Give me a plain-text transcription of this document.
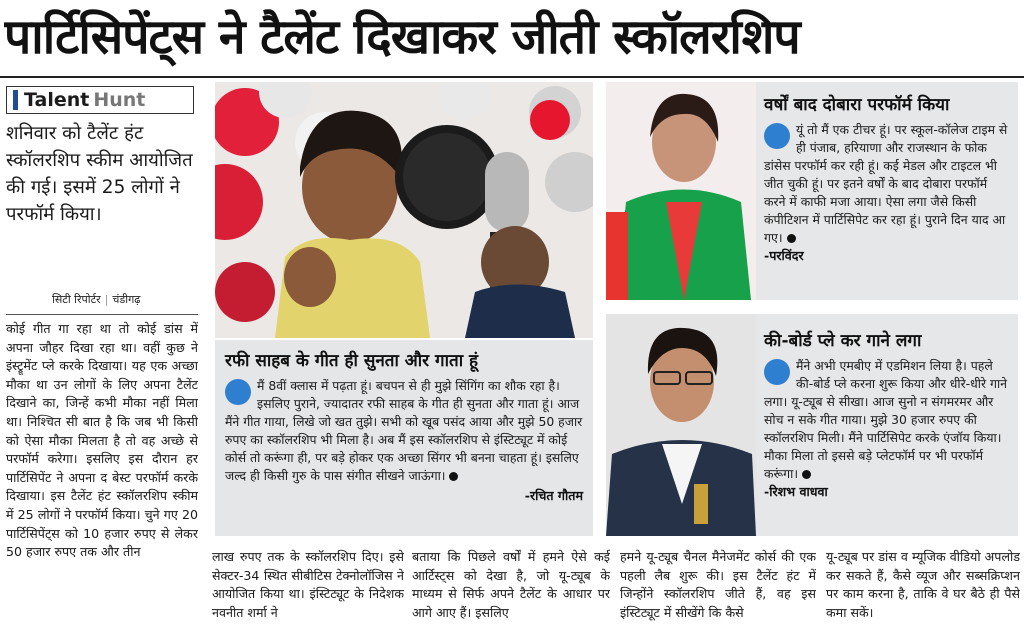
पार्टिसिपेंट्स ने टैलेंट दिखाकर जीती स्कॉलरशिप
Talent Hunt
शनिवार को टैलेंट हंट स्कॉलरशिप स्कीम आयोजित की गई। इसमें 25 लोगों ने परफॉर्म किया।
सिटी रिपोर्टर | चंडीगढ़
कोई गीत गा रहा था तो कोई डांस में अपना जौहर दिखा रहा था। वहीं कुछ ने इंस्ट्रूमेंट प्ले करके दिखाया। यह एक अच्छा मौका था उन लोगों के लिए अपना टैलेंट दिखाने का, जिन्हें कभी मौका नहीं मिला था। निश्चित सी बात है कि जब भी किसी को ऐसा मौका मिलता है तो वह अच्छे से परफॉर्म करेगा। इसलिए इस दौरान हर पार्टिसिपेंट ने अपना द बेस्ट परफॉर्म करके दिखाया। इस टैलेंट हंट स्कॉलरशिप स्कीम में 25 लोगों ने परफॉर्म किया। चुने गए 20 पार्टिसिपेंट्स को 10 हजार रुपए से लेकर 50 हजार रुपए तक और तीन
रफी साहब के गीत ही सुनता और गाता हूं
मैं 8वीं क्लास में पढ़ता हूं। बचपन से ही मुझे सिंगिंग का शौक रहा है। इसलिए पुराने, ज्यादातर रफी साहब के गीत ही सुनता और गाता हूं। आज मैंने गीत गाया, लिखे जो खत तुझे। सभी को खूब पसंद आया और मुझे 50 हजार रुपए का स्कॉलरशिप भी मिला है। अब मैं इस स्कॉलरशिप से इंस्टिट्यूट में कोई कोर्स तो करूंगा ही, पर बड़े होकर एक अच्छा सिंगर भी बनना चाहता हूं। इसलिए जल्द ही किसी गुरु के पास संगीत सीखने जाऊंगा।
-रचित गौतम
वर्षों बाद दोबारा परफॉर्म किया
यूं तो मैं एक टीचर हूं। पर स्कूल-कॉलेज टाइम से ही पंजाब, हरियाणा और राजस्थान के फोक डांसेस परफॉर्म कर रही हूं। कई मेडल और टाइटल भी जीत चुकी हूं। पर इतने वर्षों के बाद दोबारा परफॉर्म करने में काफी मजा आया। ऐसा लगा जैसे किसी कंपीटिशन में पार्टिसिपेट कर रहा हूं। पुराने दिन याद आ गए।
-परविंदर
की-बोर्ड प्ले कर गाने लगा
मैंने अभी एमबीए में एडमिशन लिया है। पहले की-बोर्ड प्ले करना शुरू किया और धीरे-धीरे गाने लगा। यू-ट्यूब से सीखा। आज सुनो न संगमरमर और सोच न सके गीत गाया। मुझे 30 हजार रुपए की स्कॉलरशिप मिली। मैंने पार्टिसिपेट करके एंजॉय किया। मौका मिला तो इससे बड़े प्लेटफॉर्म पर भी परफॉर्म करूंगा।
-रिशभ वाधवा
लाख रुपए तक के स्कॉलरशिप दिए। इसे सेक्टर-34 स्थित सीबीटिस टेक्नोलॉजिस ने आयोजित किया था। इंस्टिट्यूट के निदेशक नवनीत शर्मा ने
बताया कि पिछले वर्षों में हमने ऐसे कई आर्टिस्ट्स को देखा है, जो यू-ट्यूब के माध्यम से सिर्फ अपने टैलेंट के आधार पर आगे आए हैं। इसलिए
हमने यू-ट्यूब चैनल मैनेजमेंट कोर्स की एक पहली लैब शुरू की। इस टैलेंट हंट में जिन्होंने स्कॉलरशिप जीते हैं, वह इस इंस्टिट्यूट में सीखेंगे कि कैसे
यू-ट्यूब पर डांस व म्यूजिक वीडियो अपलोड कर सकते हैं, कैसे व्यूज और सब्सक्रिप्शन पर काम करना है, ताकि वे घर बैठे ही पैसे कमा सकें।
